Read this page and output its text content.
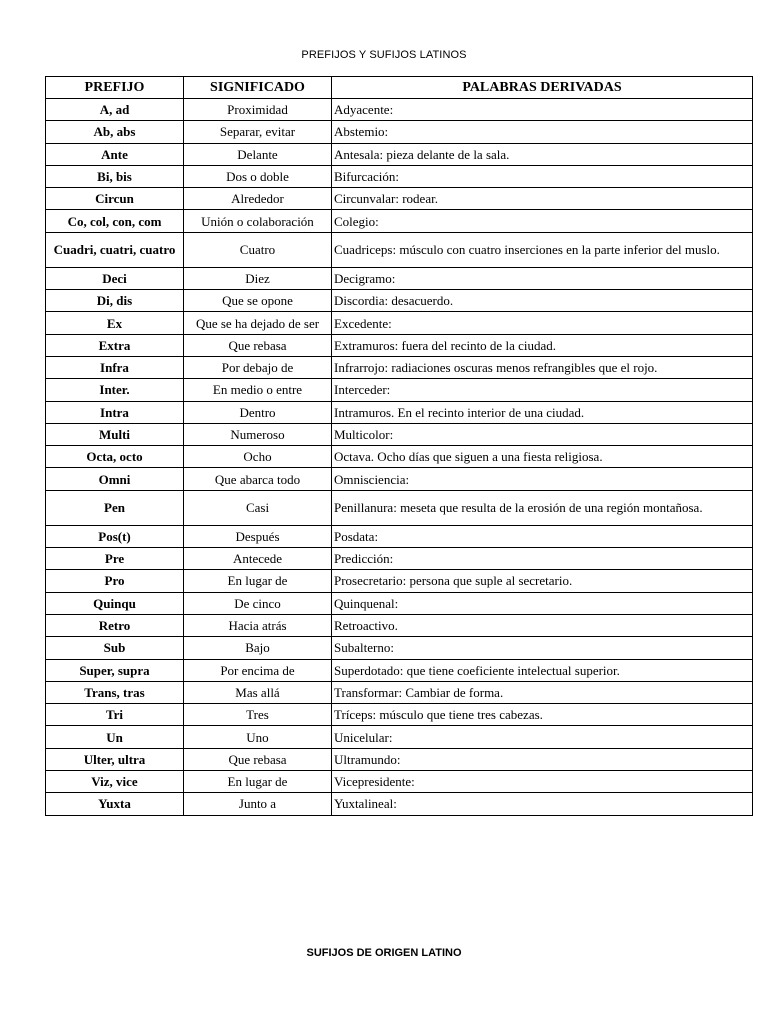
PREFIJOS Y SUFIJOS LATINOS
PREFIJO	SIGNIFICADO	PALABRAS DERIVADAS
A, ad	Proximidad	Adyacente:
Ab, abs	Separar, evitar	Abstemio:
Ante	Delante	Antesala: pieza delante de la sala.
Bi, bis	Dos o doble	Bifurcación:
Circun	Alrededor	Circunvalar: rodear.
Co, col, con, com	Unión o colaboración	Colegio:
Cuadri, cuatri, cuatro	Cuatro	Cuadriceps: músculo con cuatro inserciones en la parte inferior del muslo.
Deci	Diez	Decigramo:
Di, dis	Que se opone	Discordia: desacuerdo.
Ex	Que se ha dejado de ser	Excedente:
Extra	Que rebasa	Extramuros: fuera del recinto de la ciudad.
Infra	Por debajo de	Infrarrojo: radiaciones oscuras menos refrangibles que el rojo.
Inter.	En medio o entre	Interceder:
Intra	Dentro	Intramuros. En el recinto interior de una ciudad.
Multi	Numeroso	Multicolor:
Octa, octo	Ocho	Octava. Ocho días que siguen a una fiesta religiosa.
Omni	Que abarca todo	Omnisciencia:
Pen	Casi	Penillanura: meseta que resulta de la erosión de una región montañosa.
Pos(t)	Después	Posdata:
Pre	Antecede	Predicción:
Pro	En lugar de	Prosecretario: persona que suple al secretario.
Quinqu	De cinco	Quinquenal:
Retro	Hacia atrás	Retroactivo.
Sub	Bajo	Subalterno:
Super, supra	Por encima de	Superdotado: que tiene coeficiente intelectual superior.
Trans, tras	Mas allá	Transformar: Cambiar de forma.
Tri	Tres	Tríceps: músculo que tiene tres cabezas.
Un	Uno	Unicelular:
Ulter, ultra	Que rebasa	Ultramundo:
Viz, vice	En lugar de	Vicepresidente:
Yuxta	Junto a	Yuxtalineal:
SUFIJOS DE ORIGEN LATINO
